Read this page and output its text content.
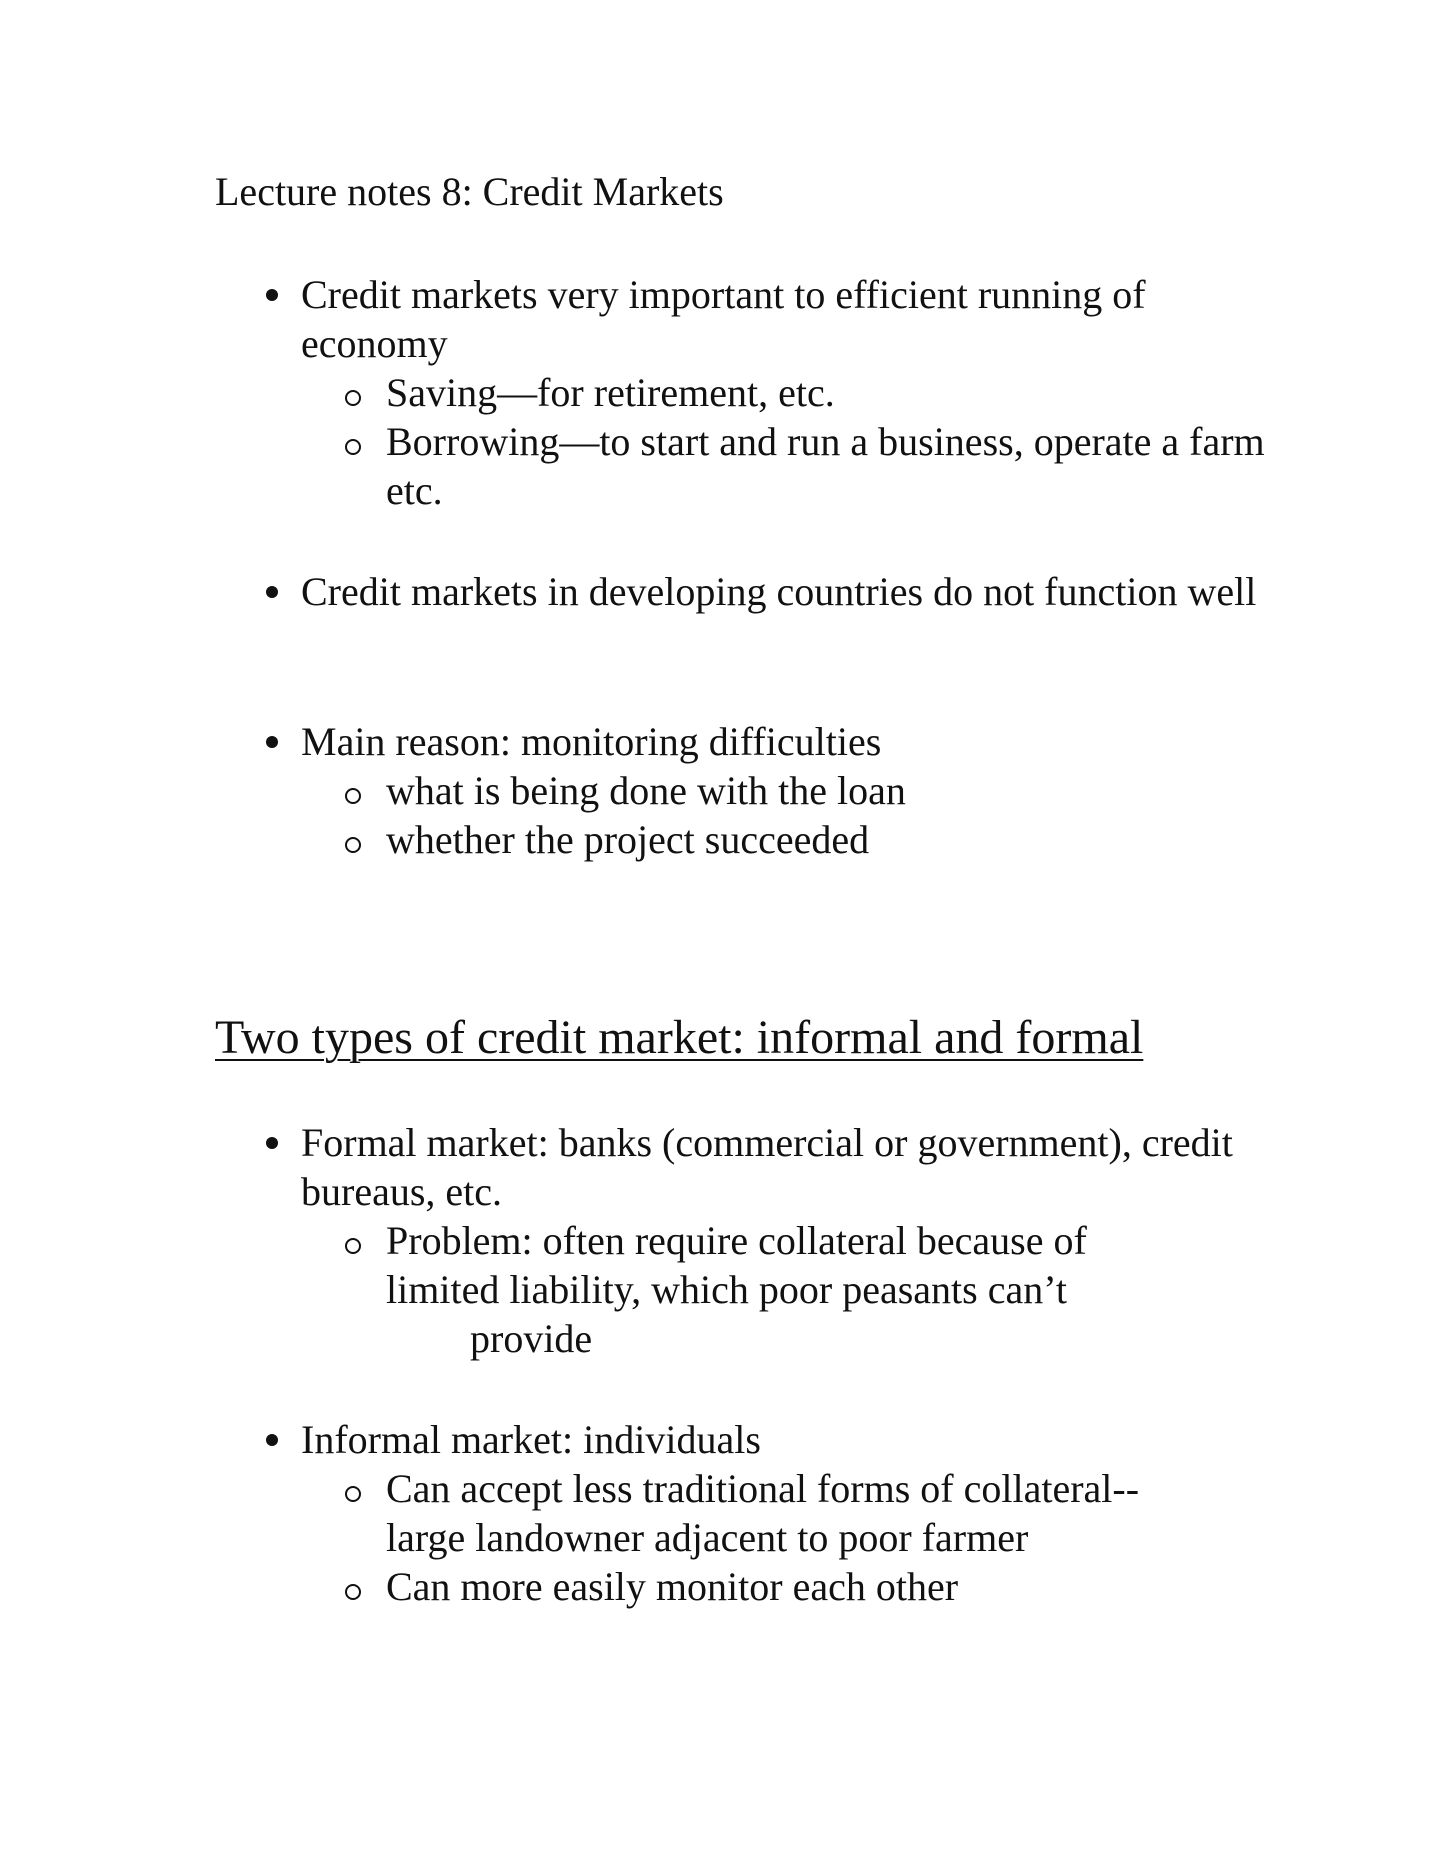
Lecture notes 8: Credit Markets
Credit markets very important to efficient running of economy
Saving—for retirement, etc.
Borrowing—to start and run a business, operate a farm etc.
Credit markets in developing countries do not function well
Main reason: monitoring difficulties
what is being done with the loan
whether the project succeeded
Two types of credit market: informal and formal
Formal market: banks (commercial or government), credit bureaus, etc.
Problem: often require collateral because of limited liability, which poor peasants can’t
provide
Informal market: individuals
Can accept less traditional forms of collateral--large landowner adjacent to poor farmer
Can more easily monitor each other
